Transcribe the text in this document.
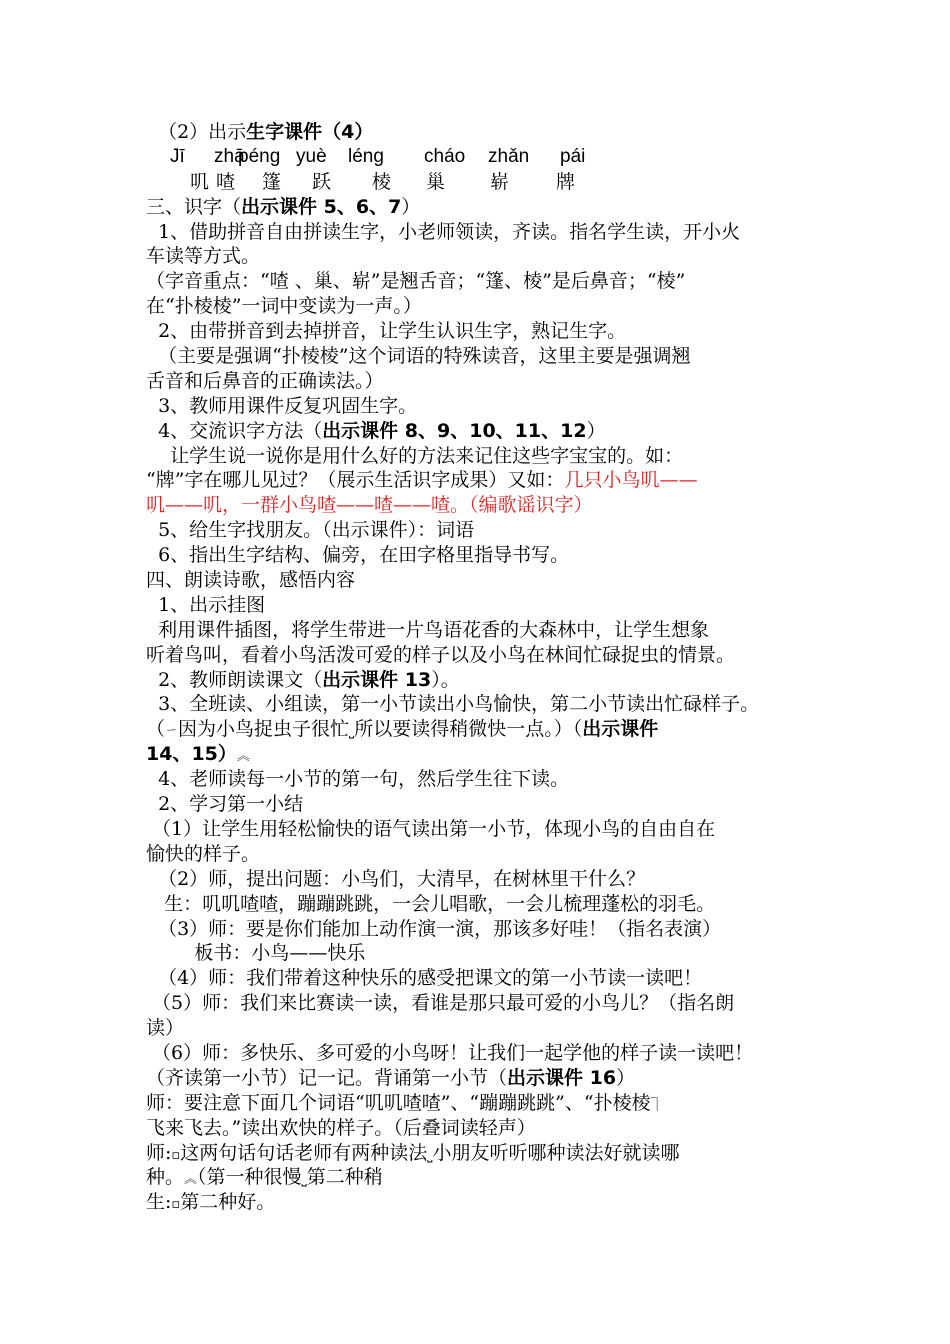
（2）出示生字课件（4）
Jī zhā
péng yuè léng cháo zhǎn pái
叽 喳 篷 跃 棱 巢 崭 牌
三、识字（出示课件 5、6、7）
1、借助拼音自由拼读生字，小老师领读，齐读。指名学生读，开小火
车读等方式。
（字音重点：“喳 、巢、崭”是翘舌音；“篷、棱”是后鼻音；“棱”
在“扑棱棱”一词中变读为一声。）
2、由带拼音到去掉拼音，让学生认识生字，熟记生字。
（主要是强调“扑棱棱”这个词语的特殊读音，这里主要是强调翘
舌音和后鼻音的正确读法。）
3、教师用课件反复巩固生字。
4、交流识字方法（出示课件 8、9、10、11、12）
让学生说一说你是用什么好的方法来记住这些字宝宝的。如：
“牌”字在哪儿见过？（展示生活识字成果）又如：几只小鸟叽——
叽——叽，一群小鸟喳——喳——喳。（编歌谣识字）
5、给生字找朋友。（出示课件）：词语
6、指出生字结构、偏旁，在田字格里指导书写。
四、朗读诗歌，感悟内容
1、出示挂图
利用课件插图，将学生带进一片鸟语花香的大森林中，让学生想象
听着鸟叫，看着小鸟活泼可爱的样子以及小鸟在林间忙碌捉虫的情景。
2、教师朗读课文（出示课件 13）。
3、全班读、小组读，第一小节读出小鸟愉快，第二小节读出忙碌样子。
（ㄧ因为小鸟捉虫子很忙⎵所以要读得稍微快一点。）（出示课件
14、15）︽
4、老师读每一小节的第一句，然后学生往下读。
2、学习第一小结
（1）让学生用轻松愉快的语气读出第一小节，体现小鸟的自由自在
愉快的样子。
（2）师，提出问题：小鸟们，大清早，在树林里干什么？
生：叽叽喳喳，蹦蹦跳跳，一会儿唱歌，一会儿梳理蓬松的羽毛。
（3）师：要是你们能加上动作演一演，那该多好哇！（指名表演）
板书：小鸟——快乐
（4）师：我们带着这种快乐的感受把课文的第一小节读一读吧！
（5）师：我们来比赛读一读，看谁是那只最可爱的小鸟儿？（指名朗
读）
（6）师：多快乐、多可爱的小鸟呀！让我们一起学他的样子读一读吧！
（齐读第一小节）记一记。背诵第一小节（出示课件 16）
师：要注意下面几个词语“叽叽喳喳”、“蹦蹦跳跳”、“扑棱棱⏋
飞来飞去。”读出欢快的样子。（后叠词读轻声）
师:▫这两句话句话老师有两种读法⎵小朋友听听哪种读法好就读哪
种。︽（第一种很慢⎵第二种稍
生:▫第二种好。
